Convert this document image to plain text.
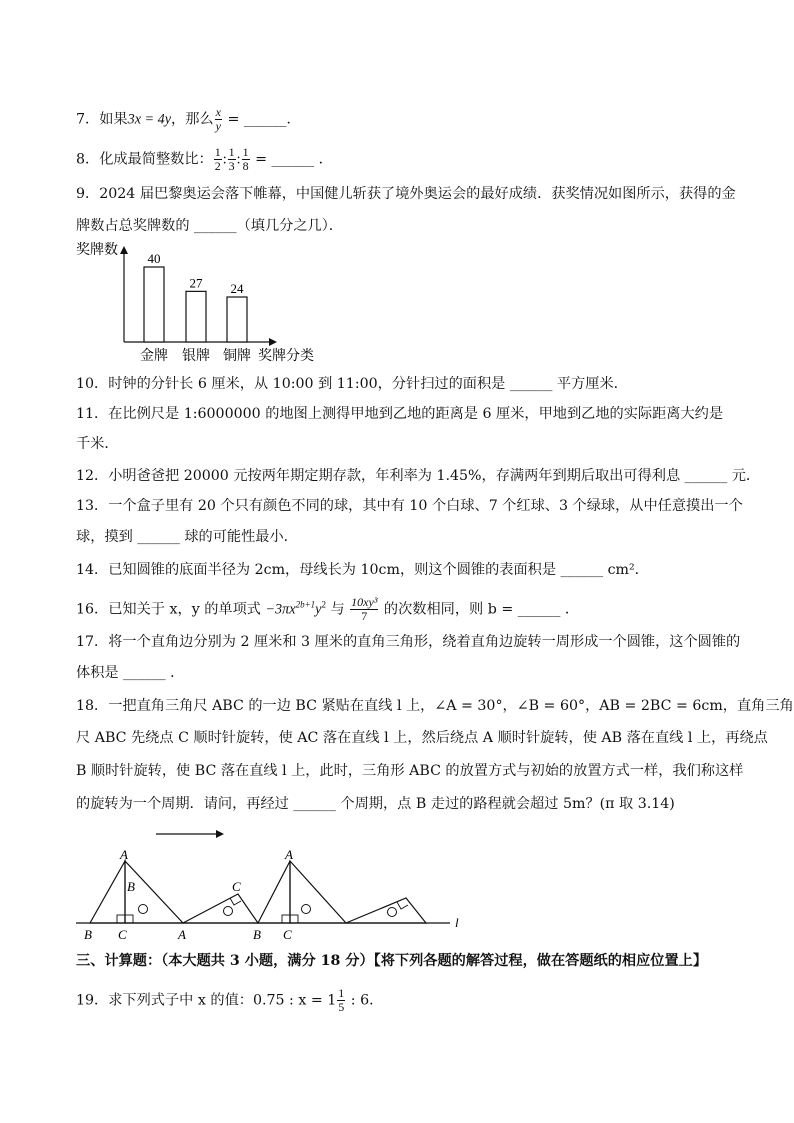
7．如果3x = 4y，那么 $\frac{x}{y}$ = ______.
8．化成最简整数比： $\frac{1}{2}$ : $\frac{1}{3}$ : $\frac{1}{8}$ = ______ ．
9．2024 届巴黎奥运会落下帷幕，中国健儿斩获了境外奥运会的最好成绩．获奖情况如图所示，获得的金
牌数占总奖牌数的 ______（填几分之几）．
奖牌数
40
27 24
金牌 银牌 铜牌 奖牌分类
10．时钟的分针长 6 厘米，从 10:00 到 11:00，分针扫过的面积是 ______ 平方厘米．
11．在比例尺是 1:6000000 的地图上测得甲地到乙地的距离是 6 厘米，甲地到乙地的实际距离大约是
千米．
12．小明爸爸把 20000 元按两年期定期存款，年利率为 1.45%，存满两年到期后取出可得利息 ______ 元．
13．一个盒子里有 20 个只有颜色不同的球，其中有 10 个白球、7 个红球、3 个绿球，从中任意摸出一个
球，摸到 ______ 球的可能性最小．
14．已知圆锥的底面半径为 2cm，母线长为 10cm，则这个圆锥的表面积是 ______ cm²．
16．已知关于 x，y 的单项式 $-3\pi x^{2b+1}y^2$ 与 $\frac{\text{10xy³}}{7}$ 的次数相同，则 b = ______ ．
17．将一个直角边分别为 2 厘米和 3 厘米的直角三角形，绕着直角边旋转一周形成一个圆锥，这个圆锥的
体积是 ______ ．
18．一把直角三角尺 ABC 的一边 BC 紧贴在直线 l 上，∠A = 30°，∠B = 60°，AB = 2BC = 6cm，直角三角
尺 ABC 先绕点 C 顺时针旋转，使 AC 落在直线 l 上，然后绕点 A 顺时针旋转，使 AB 落在直线 l 上，再绕点
B 顺时针旋转，使 BC 落在直线 l 上，此时，三角形 ABC 的放置方式与初始的放置方式一样，我们称这样
的旋转为一个周期．请问，再经过 ______ 个周期，点 B 走过的路程就会超过 5m？(π 取 3.14)
A
B
C	A
C
B
A
C
B
l
三、计算题：（本大题共 3 小题，满分 18 分）【将下列各题的解答过程，做在答题纸的相应位置上】
19．求下列式子中 x 的值：0.75 : $x = 1 \frac{1}{5}$ : 6．
